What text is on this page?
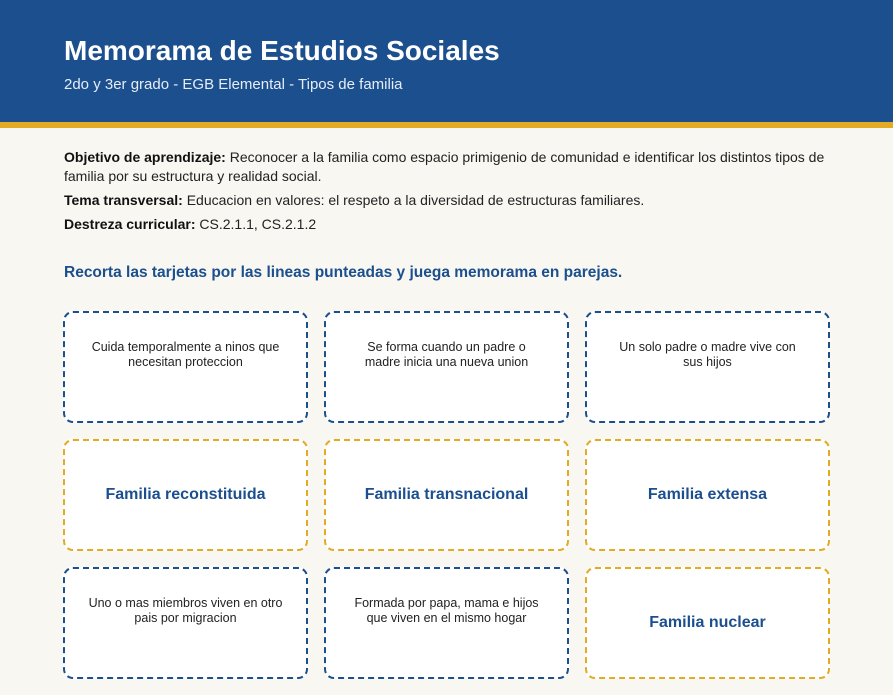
Memorama de Estudios Sociales
2do y 3er grado - EGB Elemental - Tipos de familia

Objetivo de aprendizaje: Reconocer a la familia como espacio primigenio de comunidad e identificar los distintos tipos de familia por su estructura y realidad social.

Tema transversal: Educacion en valores: el respeto a la diversidad de estructuras familiares.

Destreza curricular: CS.2.1.1, CS.2.1.2

Recorta las tarjetas por las lineas punteadas y juega memorama en parejas.
Cuida temporalmente a ninos que necesitan proteccion
Se forma cuando un padre o madre inicia una nueva union
Un solo padre o madre vive con sus hijos
Familia reconstituida	Familia transnacional	Familia extensa
Uno o mas miembros viven en otro pais por migracion
Formada por papa, mama e hijos que viven en el mismo hogar	Familia nuclear
